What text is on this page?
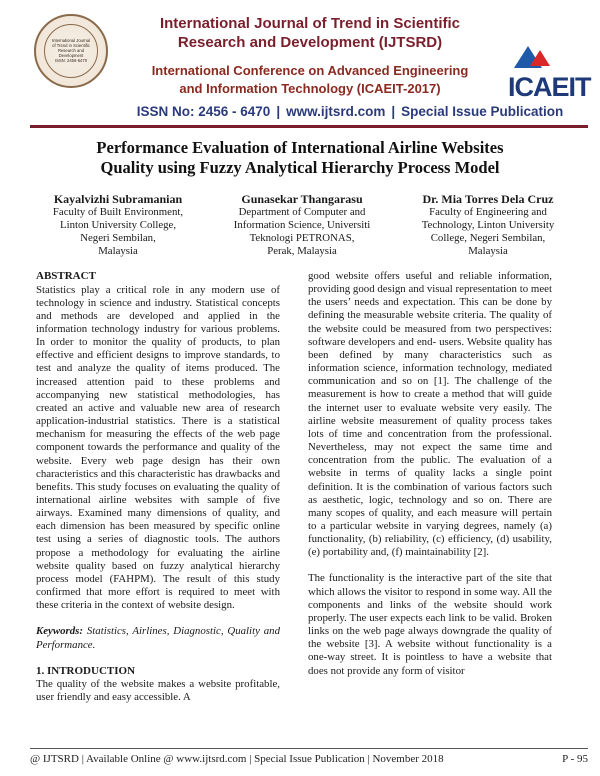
International Journal of Trend in Scientific
Research and Development
ISSN: 2456-6470
International Journal of Trend in Scientific
Research and Development (IJTSRD)
International Conference on Advanced Engineering
and Information Technology (ICAEIT-2017)	ICAEIT
ISSN No: 2456 - 6470 | www.ijtsrd.com | Special Issue Publication
Performance Evaluation of International Airline Websites
Quality using Fuzzy Analytical Hierarchy Process Model
Kayalvizhi Subramanian
Faculty of Built Environment,
Linton University College,
Negeri Sembilan,
Malaysia
Gunasekar Thangarasu
Department of Computer and
Information Science, Universiti
Teknologi PETRONAS,
Perak, Malaysia
Dr. Mia Torres Dela Cruz
Faculty of Engineering and
Technology, Linton University
College, Negeri Sembilan,
Malaysia

ABSTRACT

Statistics play a critical role in any modern use of technology in science and industry. Statistical concepts and methods are developed and applied in the information technology industry for various problems. In order to monitor the quality of products, to plan effective and efficient designs to improve standards, to test and analyze the quality of items produced. The increased attention paid to these problems and accompanying new statistical methodologies, has created an active and valuable new area of research application-industrial statistics. There is a statistical mechanism for measuring the effects of the web page component towards the performance and quality of the website. Every web page design has their own characteristics and this characteristic has drawbacks and benefits. This study focuses on evaluating the quality of international airline websites with sample of five airways. Examined many dimensions of quality, and each dimension has been measured by specific online test using a series of diagnostic tools. The authors propose a methodology for evaluating the airline website quality based on fuzzy analytical hierarchy process model (FAHPM). The result of this study confirmed that more effort is required to meet with these criteria in the context of website design.

Keywords: Statistics, Airlines, Diagnostic, Quality and Performance.

1. INTRODUCTION

The quality of the website makes a website profitable, user friendly and easy accessible. A

good website offers useful and reliable information, providing good design and visual representation to meet the users’ needs and expectation. This can be done by defining the measurable website criteria. The quality of the website could be measured from two perspectives: software developers and end- users. Website quality has been defined by many characteristics such as information science, information technology, mediated communication and so on [1]. The challenge of the measurement is how to create a method that will guide the internet user to evaluate website very easily. The airline website measurement of quality process takes lots of time and concentration from the professional. Nevertheless, may not expect the same time and concentration from the public. The evaluation of a website in terms of quality lacks a single point definition. It is the combination of various factors such as aesthetic, logic, technology and so on. There are many scopes of quality, and each measure will pertain to a particular website in varying degrees, namely (a) functionality, (b) reliability, (c) efficiency, (d) usability, (e) portability and, (f) maintainability [2].

The functionality is the interactive part of the site that which allows the visitor to respond in some way. All the components and links of the website should work properly. The user expects each link to be valid. Broken links on the web page always downgrade the quality of the website [3]. A website without functionality is a one-way street. It is pointless to have a website that does not provide any form of visitor

@ IJTSRD | Available Online @ www.ijtsrd.com | Special Issue Publication | November 2018	P - 95
